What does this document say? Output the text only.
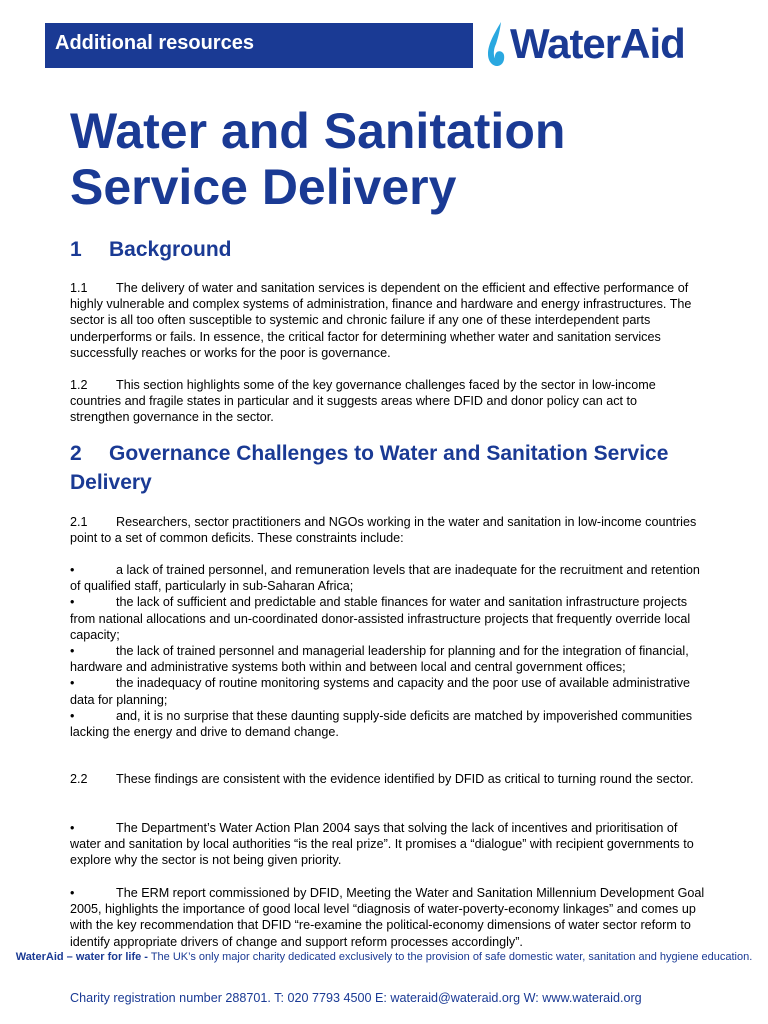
Additional resources	WaterAid
Water and Sanitation Service Delivery
1 Background

1.1 The delivery of water and sanitation services is dependent on the efficient and effective performance of highly vulnerable and complex systems of administration, finance and hardware and energy infrastructures. The sector is all too often susceptible to systemic and chronic failure if any one of these interdependent parts underperforms or fails. In essence, the critical factor for determining whether water and sanitation services successfully reaches or works for the poor is governance.

1.2 This section highlights some of the key governance challenges faced by the sector in low-income countries and fragile states in particular and it suggests areas where DFID and donor policy can act to strengthen governance in the sector.

2 Governance Challenges to Water and Sanitation Service Delivery

2.1 Researchers, sector practitioners and NGOs working in the water and sanitation in low-income countries point to a set of common deficits. These constraints include:

•	a lack of trained personnel, and remuneration levels that are inadequate for the recruitment and retention of qualified staff, particularly in sub-Saharan Africa;
•	the lack of sufficient and predictable and stable finances for water and sanitation infrastructure projects from national allocations and un-coordinated donor-assisted infrastructure projects that frequently override local capacity;
•	the lack of trained personnel and managerial leadership for planning and for the integration of financial, hardware and administrative systems both within and between local and central government offices;
•	the inadequacy of routine monitoring systems and capacity and the poor use of available administrative data for planning;
•	and, it is no surprise that these daunting supply-side deficits are matched by impoverished communities lacking the energy and drive to demand change.

2.2 These findings are consistent with the evidence identified by DFID as critical to turning round the sector.

•	The Department’s Water Action Plan 2004 says that solving the lack of incentives and prioritisation of water and sanitation by local authorities “is the real prize”. It promises a “dialogue” with recipient governments to explore why the sector is not being given priority.

•	The ERM report commissioned by DFID, Meeting the Water and Sanitation Millennium Development Goal 2005, highlights the importance of good local level “diagnosis of water-poverty-economy linkages” and comes up with the key recommendation that DFID “re-examine the political-economy dimensions of water sector reform to identify appropriate drivers of change and support reform processes accordingly”.

WaterAid – water for life - The UK’s only major charity dedicated exclusively to the provision of safe domestic water, sanitation and hygiene education.
Charity registration number 288701. T: 020 7793 4500 E: wateraid@wateraid.org W: www.wateraid.org
